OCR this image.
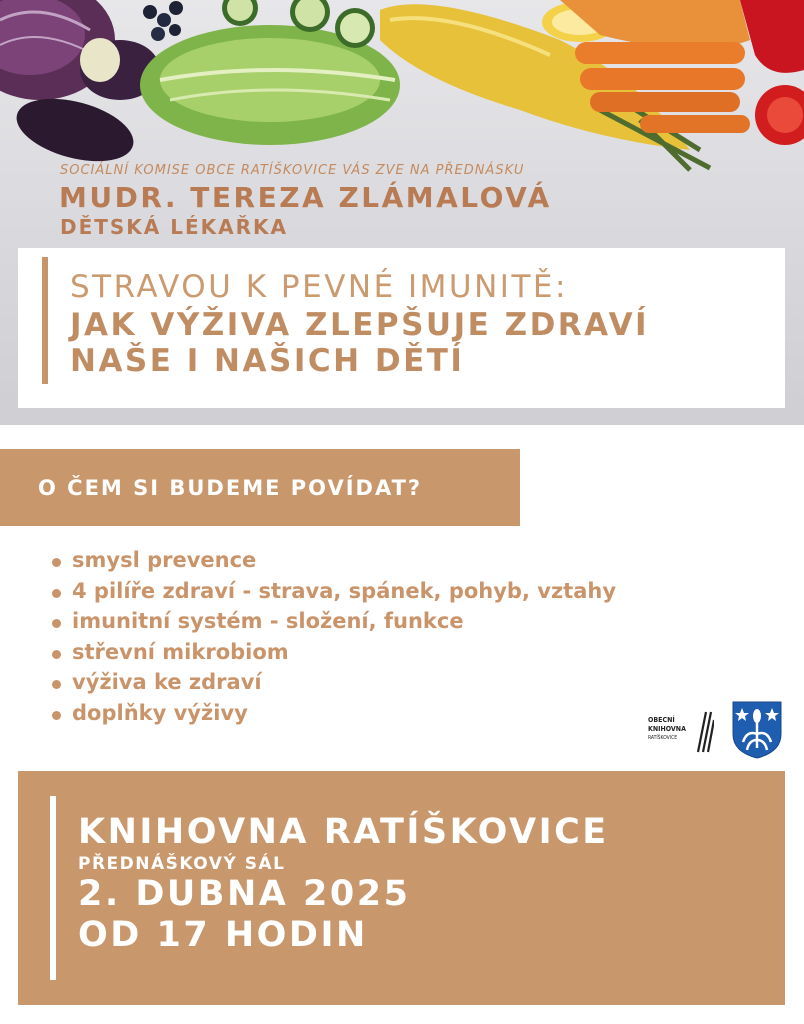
SOCIÁLNÍ KOMISE OBCE RATÍŠKOVICE VÁS ZVE NA PŘEDNÁSKU
MUDR. TEREZA ZLÁMALOVÁ
DĚTSKÁ LÉKAŘKA
STRAVOU K PEVNÉ IMUNITĚ:
JAK VÝŽIVA ZLEPŠUJE ZDRAVÍ
NAŠE I NAŠICH DĚTÍ
O ČEM SI BUDEME POVÍDAT?
smysl prevence
4 pilíře zdraví - strava, spánek, pohyb, vztahy
imunitní systém - složení, funkce
střevní mikrobiom
výživa ke zdraví
doplňky výživy	OBECNÍ
KNIHOVNA
RATÍŠKOVICE
KNIHOVNA RATÍŠKOVICE
PŘEDNÁŠKOVÝ SÁL
2. DUBNA 2025
OD 17 HODIN
